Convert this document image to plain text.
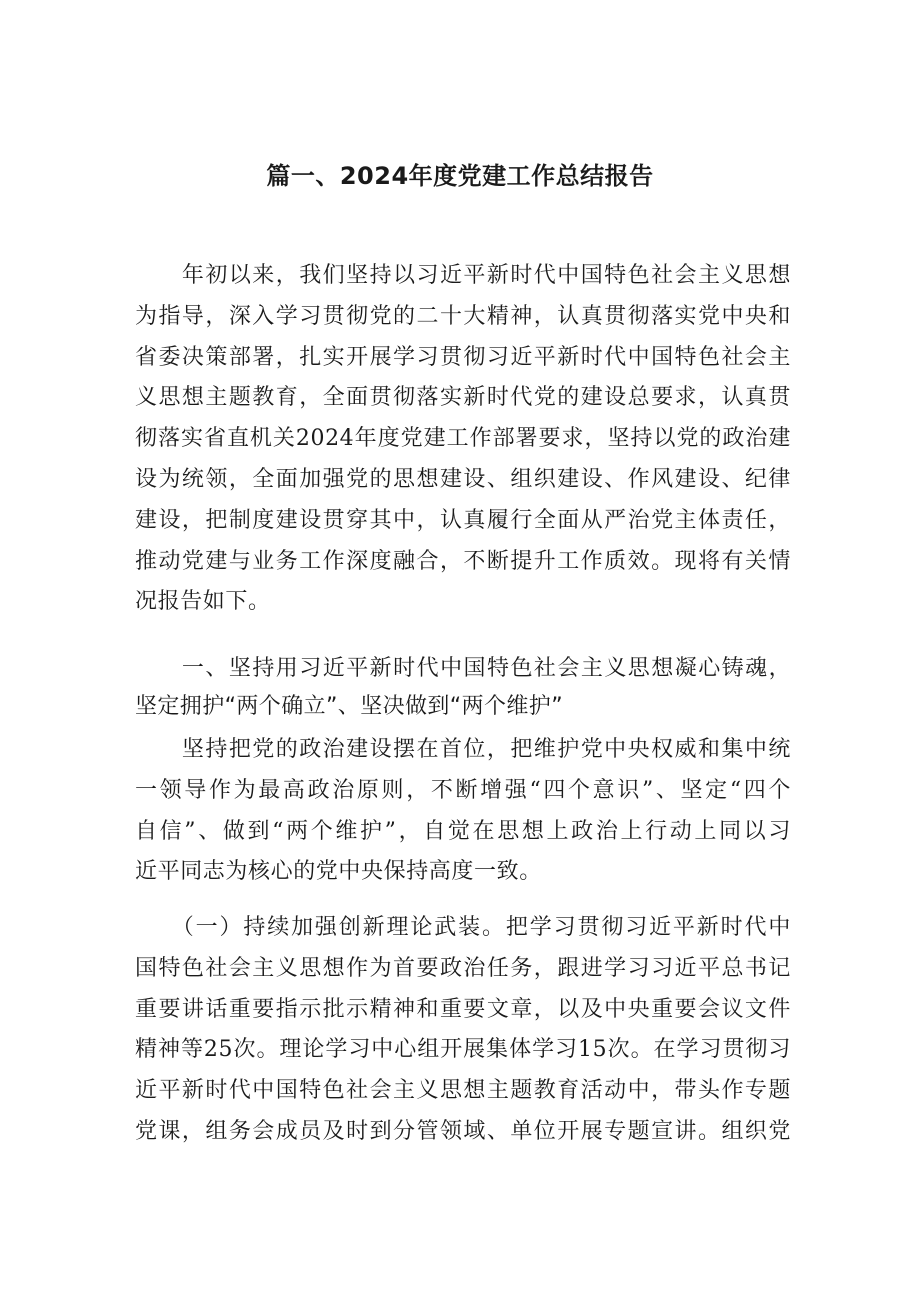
篇一、2024年度党建工作总结报告
　　年初以来，我们坚持以习近平新时代中国特色社会主义思想
为指导，深入学习贯彻党的二十大精神，认真贯彻落实党中央和
省委决策部署，扎实开展学习贯彻习近平新时代中国特色社会主
义思想主题教育，全面贯彻落实新时代党的建设总要求，认真贯
彻落实省直机关2024年度党建工作部署要求，坚持以党的政治建
设为统领，全面加强党的思想建设、组织建设、作风建设、纪律
建设，把制度建设贯穿其中，认真履行全面从严治党主体责任，
推动党建与业务工作深度融合，不断提升工作质效。现将有关情
况报告如下。
　　一、坚持用习近平新时代中国特色社会主义思想凝心铸魂，
坚定拥护“两个确立”、坚决做到“两个维护”
　　坚持把党的政治建设摆在首位，把维护党中央权威和集中统
一领导作为最高政治原则，不断增强“四个意识”、坚定“四个
自信”、做到“两个维护”，自觉在思想上政治上行动上同以习
近平同志为核心的党中央保持高度一致。
　　（一）持续加强创新理论武装。把学习贯彻习近平新时代中
国特色社会主义思想作为首要政治任务，跟进学习习近平总书记
重要讲话重要指示批示精神和重要文章，以及中央重要会议文件
精神等25次。理论学习中心组开展集体学习15次。在学习贯彻习
近平新时代中国特色社会主义思想主题教育活动中，带头作专题
党课，组务会成员及时到分管领域、单位开展专题宣讲。组织党
